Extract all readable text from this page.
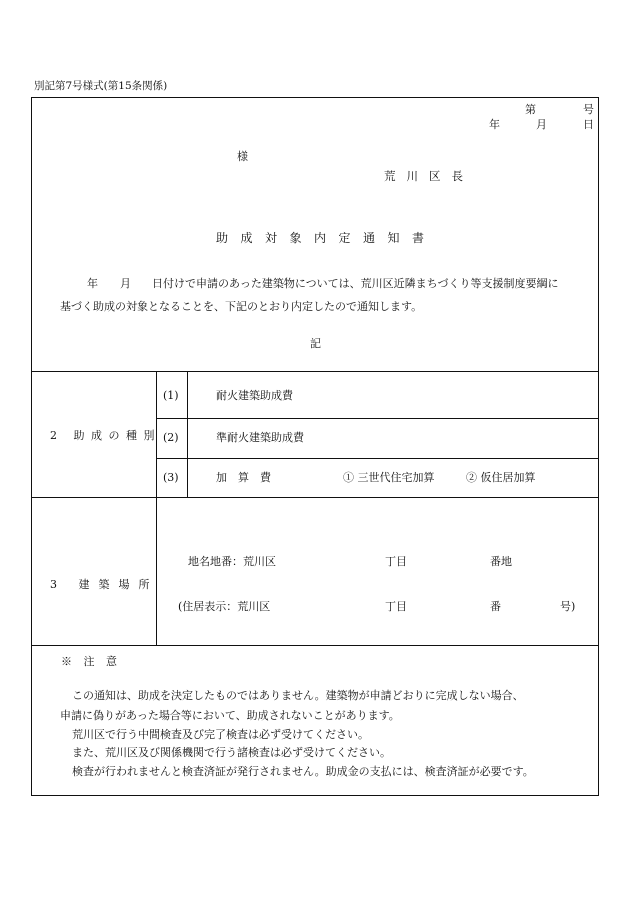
別記第7号様式(第15条関係)
第	号
年	月	日
様
荒川区長
助成対象内定通知書
年 月 日付けで申請のあった建築物については、荒川区近隣まちづくり等支援制度要綱に
基づく助成の対象となることを、下記のとおり内定したので通知します。
記
2 助成の種別
(1)	耐火建築助成費
(2)	準耐火建築助成費
(3)	加　算　費	① 三世代住宅加算	② 仮住居加算
3 建築場所
地名地番：荒川区	丁目	番地
(住居表示：荒川区	丁目	番	号)
※ 注 意
この通知は、助成を決定したものではありません。建築物が申請どおりに完成しない場合、
申請に偽りがあった場合等において、助成されないことがあります。
荒川区で行う中間検査及び完了検査は必ず受けてください。
また、荒川区及び関係機関で行う諸検査は必ず受けてください。
検査が行われませんと検査済証が発行されません。助成金の支払には、検査済証が必要です。
